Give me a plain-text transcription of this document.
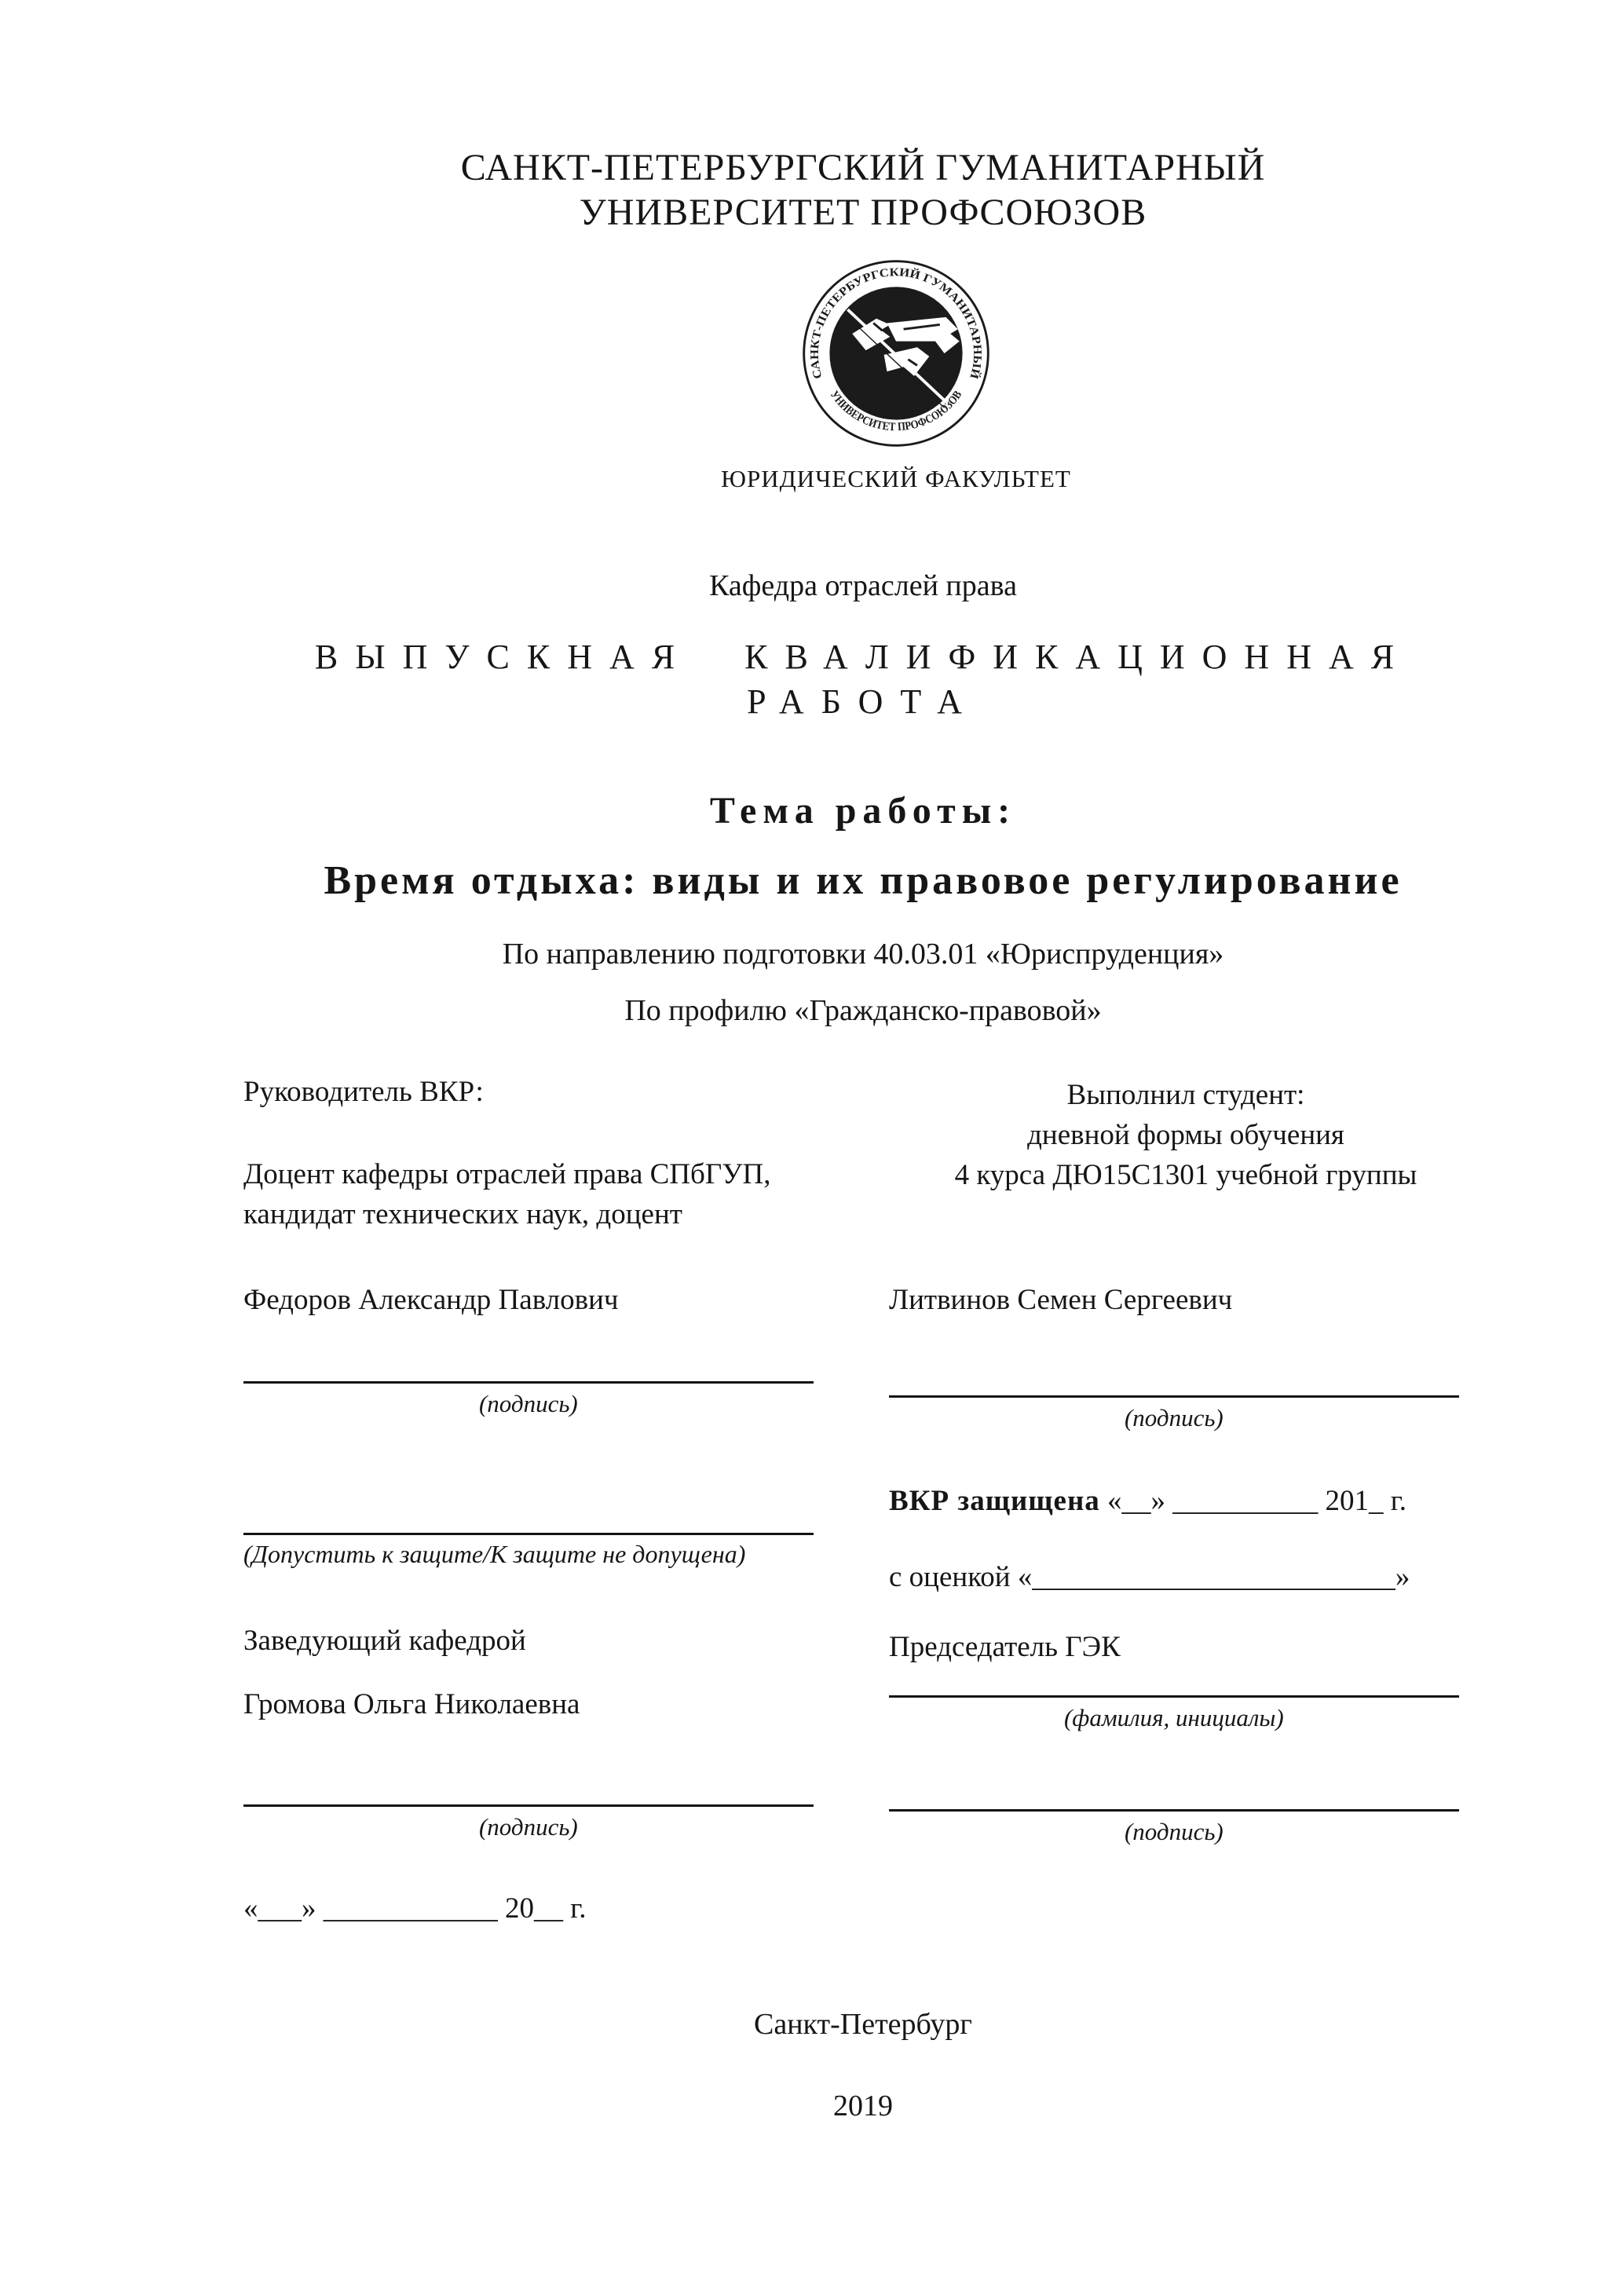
САНКТ-ПЕТЕРБУРГСКИЙ ГУМАНИТАРНЫЙ
УНИВЕРСИТЕТ ПРОФСОЮЗОВ
САНКТ-ПЕТЕРБУРГСКИЙ ГУМАНИТАРНЫЙ
УНИВЕРСИТЕТ ПРОФСОЮЗОВ
ЮРИДИЧЕСКИЙ ФАКУЛЬТЕТ
Кафедра отраслей права
ВЫПУСКНАЯ КВАЛИФИКАЦИОННАЯ РАБОТА
Тема работы:
Время отдыха: виды и их правовое регулирование
По направлению подготовки 40.03.01 «Юриспруденция»
По профилю «Гражданско-правовой»
Руководитель ВКР:
Доцент кафедры отраслей права СПбГУП,
кандидат технических наук, доцент
Федоров Александр Павлович
(подпись)
(Допустить к защите/К защите не допущена)
Заведующий кафедрой
Громова Ольга Николаевна
(подпись)
«___» ____________ 20__ г.
Выполнил студент:
дневной формы обучения
4 курса ДЮ15С1301 учебной группы
Литвинов Семен Сергеевич
(подпись)
ВКР защищена «__» __________ 201_ г.
с оценкой «_________________________»
Председатель ГЭК
(фамилия, инициалы)
(подпись)
Санкт-Петербург
2019
